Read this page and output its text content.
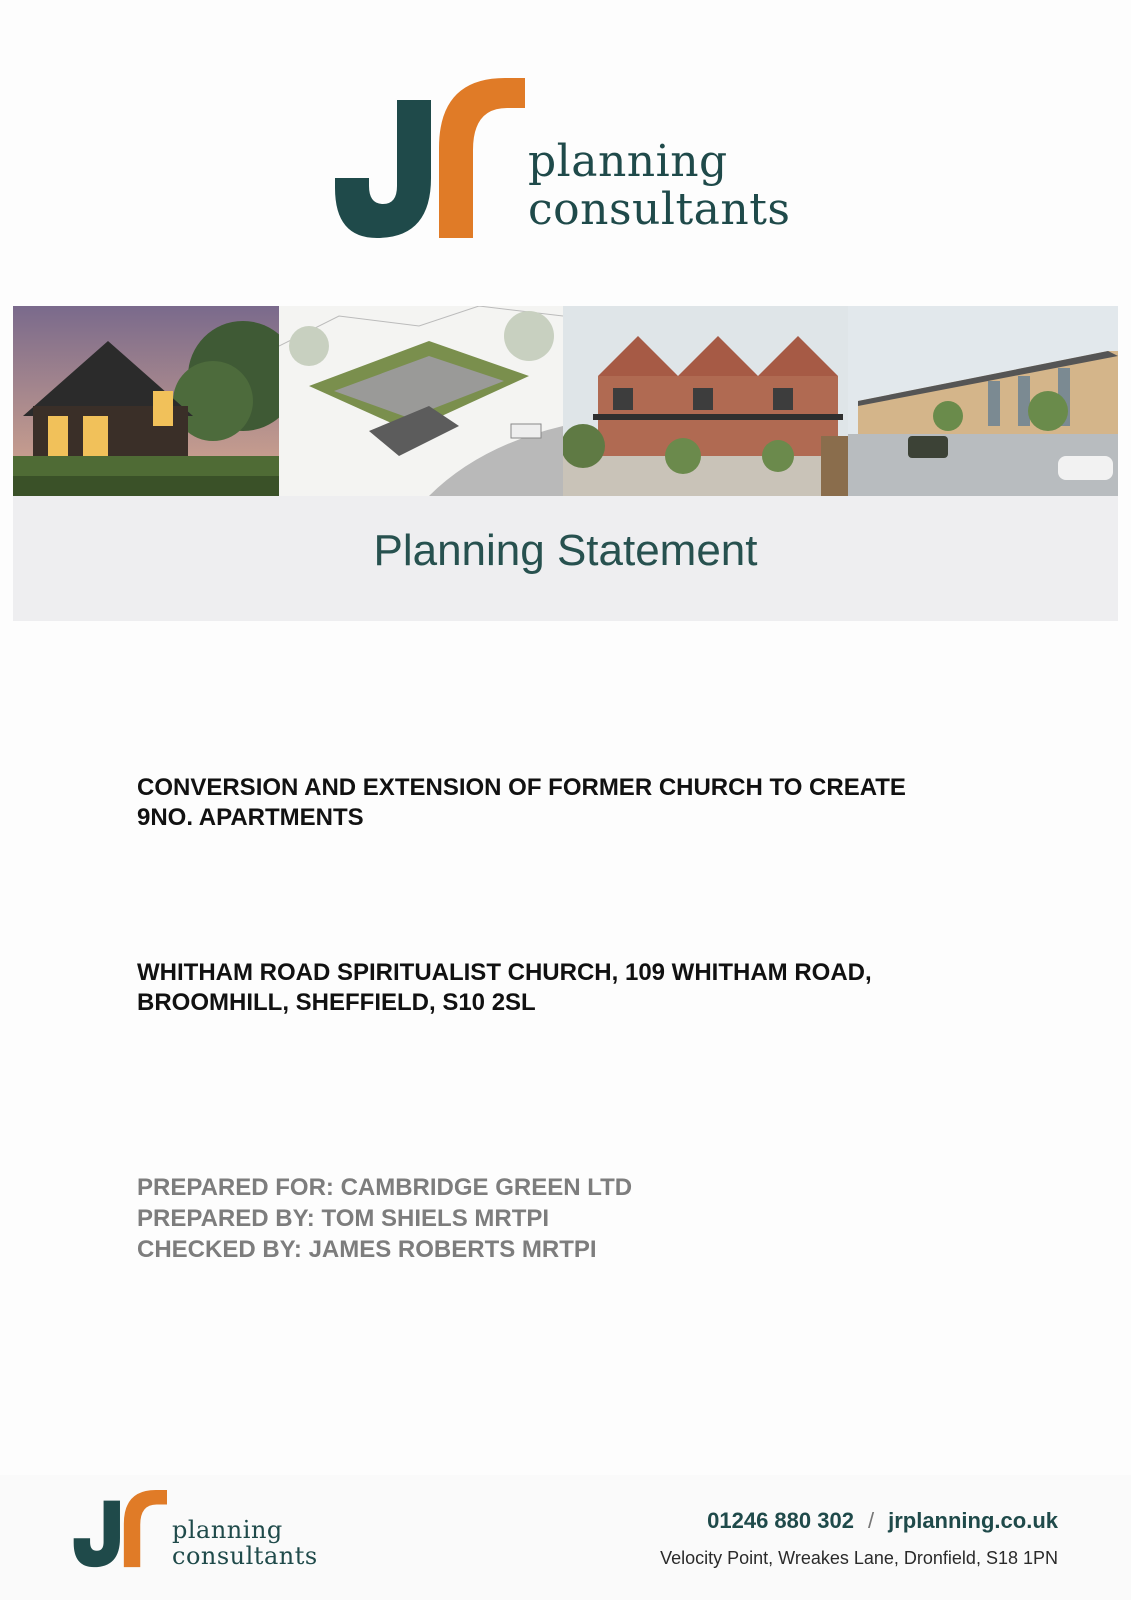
planning
consultants
Planning Statement
CONVERSION AND EXTENSION OF FORMER CHURCH TO CREATE
9NO. APARTMENTS
WHITHAM ROAD SPIRITUALIST CHURCH, 109 WHITHAM ROAD,
BROOMHILL, SHEFFIELD, S10 2SL
PREPARED FOR: CAMBRIDGE GREEN LTD
PREPARED BY: TOM SHIELS MRTPI
CHECKED BY: JAMES ROBERTS MRTPI
planning
consultants
01246 880 302 / jrplanning.co.uk
Velocity Point, Wreakes Lane, Dronfield, S18 1PN
